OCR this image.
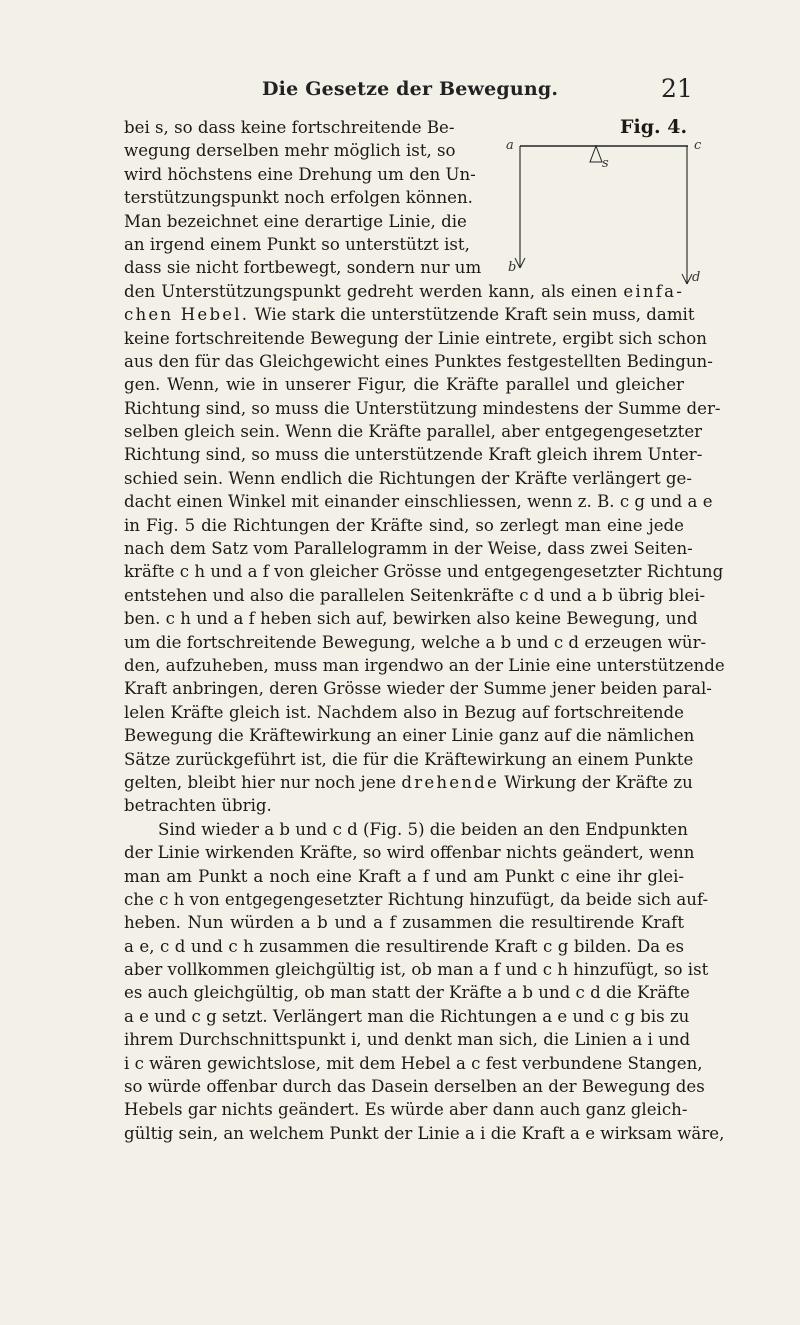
Die Gesetze der Bewegung.	21
Fig. 4.
a
s
c
b
d
bei s, so dass keine fortschreitende Be-
wegung derselben mehr möglich ist, so
wird höchstens eine Drehung um den Un-
terstützungspunkt noch erfolgen können.
Man bezeichnet eine derartige Linie, die
an irgend einem Punkt so unterstützt ist,
dass sie nicht fortbewegt, sondern nur um
den Unterstützungspunkt gedreht werden kann, als einen einfa-
chen Hebel. Wie stark die unterstützende Kraft sein muss, damit
keine fortschreitende Bewegung der Linie eintrete, ergibt sich schon
aus den für das Gleichgewicht eines Punktes festgestellten Bedingun-
gen. Wenn, wie in unserer Figur, die Kräfte parallel und gleicher
Richtung sind, so muss die Unterstützung mindestens der Summe der-
selben gleich sein. Wenn die Kräfte parallel, aber entgegengesetzter
Richtung sind, so muss die unterstützende Kraft gleich ihrem Unter-
schied sein. Wenn endlich die Richtungen der Kräfte verlängert ge-
dacht einen Winkel mit einander einschliessen, wenn z. B. c g und a e
in Fig. 5 die Richtungen der Kräfte sind, so zerlegt man eine jede
nach dem Satz vom Parallelogramm in der Weise, dass zwei Seiten-
kräfte c h und a f von gleicher Grösse und entgegengesetzter Richtung
entstehen und also die parallelen Seitenkräfte c d und a b übrig blei-
ben. c h und a f heben sich auf, bewirken also keine Bewegung, und
um die fortschreitende Bewegung, welche a b und c d erzeugen wür-
den, aufzuheben, muss man irgendwo an der Linie eine unterstützende
Kraft anbringen, deren Grösse wieder der Summe jener beiden paral-
lelen Kräfte gleich ist. Nachdem also in Bezug auf fortschreitende
Bewegung die Kräftewirkung an einer Linie ganz auf die nämlichen
Sätze zurückgeführt ist, die für die Kräftewirkung an einem Punkte
gelten, bleibt hier nur noch jene drehende Wirkung der Kräfte zu
betrachten übrig.
Sind wieder a b und c d (Fig. 5) die beiden an den Endpunkten
der Linie wirkenden Kräfte, so wird offenbar nichts geändert, wenn
man am Punkt a noch eine Kraft a f und am Punkt c eine ihr glei-
che c h von entgegengesetzter Richtung hinzufügt, da beide sich auf-
heben. Nun würden a b und a f zusammen die resultirende Kraft
a e, c d und c h zusammen die resultirende Kraft c g bilden. Da es
aber vollkommen gleichgültig ist, ob man a f und c h hinzufügt, so ist
es auch gleichgültig, ob man statt der Kräfte a b und c d die Kräfte
a e und c g setzt. Verlängert man die Richtungen a e und c g bis zu
ihrem Durchschnittspunkt i, und denkt man sich, die Linien a i und
i c wären gewichtslose, mit dem Hebel a c fest verbundene Stangen,
so würde offenbar durch das Dasein derselben an der Bewegung des
Hebels gar nichts geändert. Es würde aber dann auch ganz gleich-
gültig sein, an welchem Punkt der Linie a i die Kraft a e wirksam wäre,
